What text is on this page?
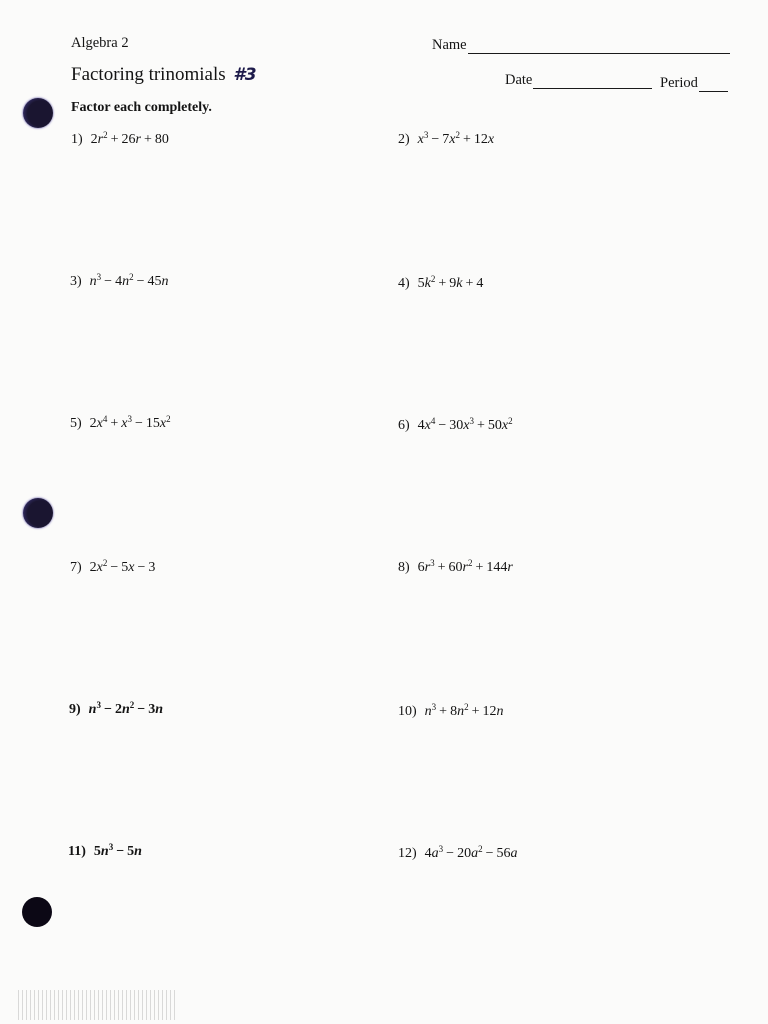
Algebra 2
Factoring trinomials #3
Factor each completely.
Name
Date	Period
1) $2r^2 + 26r + 80$	2) $x^3 - 7x^2 + 12x$
3) $n^3 - 4n^2 - 45n$	4) $5k^2 + 9k + 4$
5) $2x^4 + x^3 - 15x^2$	6) $4x^4 - 30x^3 + 50x^2$
7) $2x^2 - 5x - 3$	8) $6r^3 + 60r^2 + 144r$
9) $n^3 - 2n^2 - 3n$	10) $n^3 + 8n^2 + 12n$
11) $5n^3 - 5n$	12) $4a^3 - 20a^2 - 56a$
